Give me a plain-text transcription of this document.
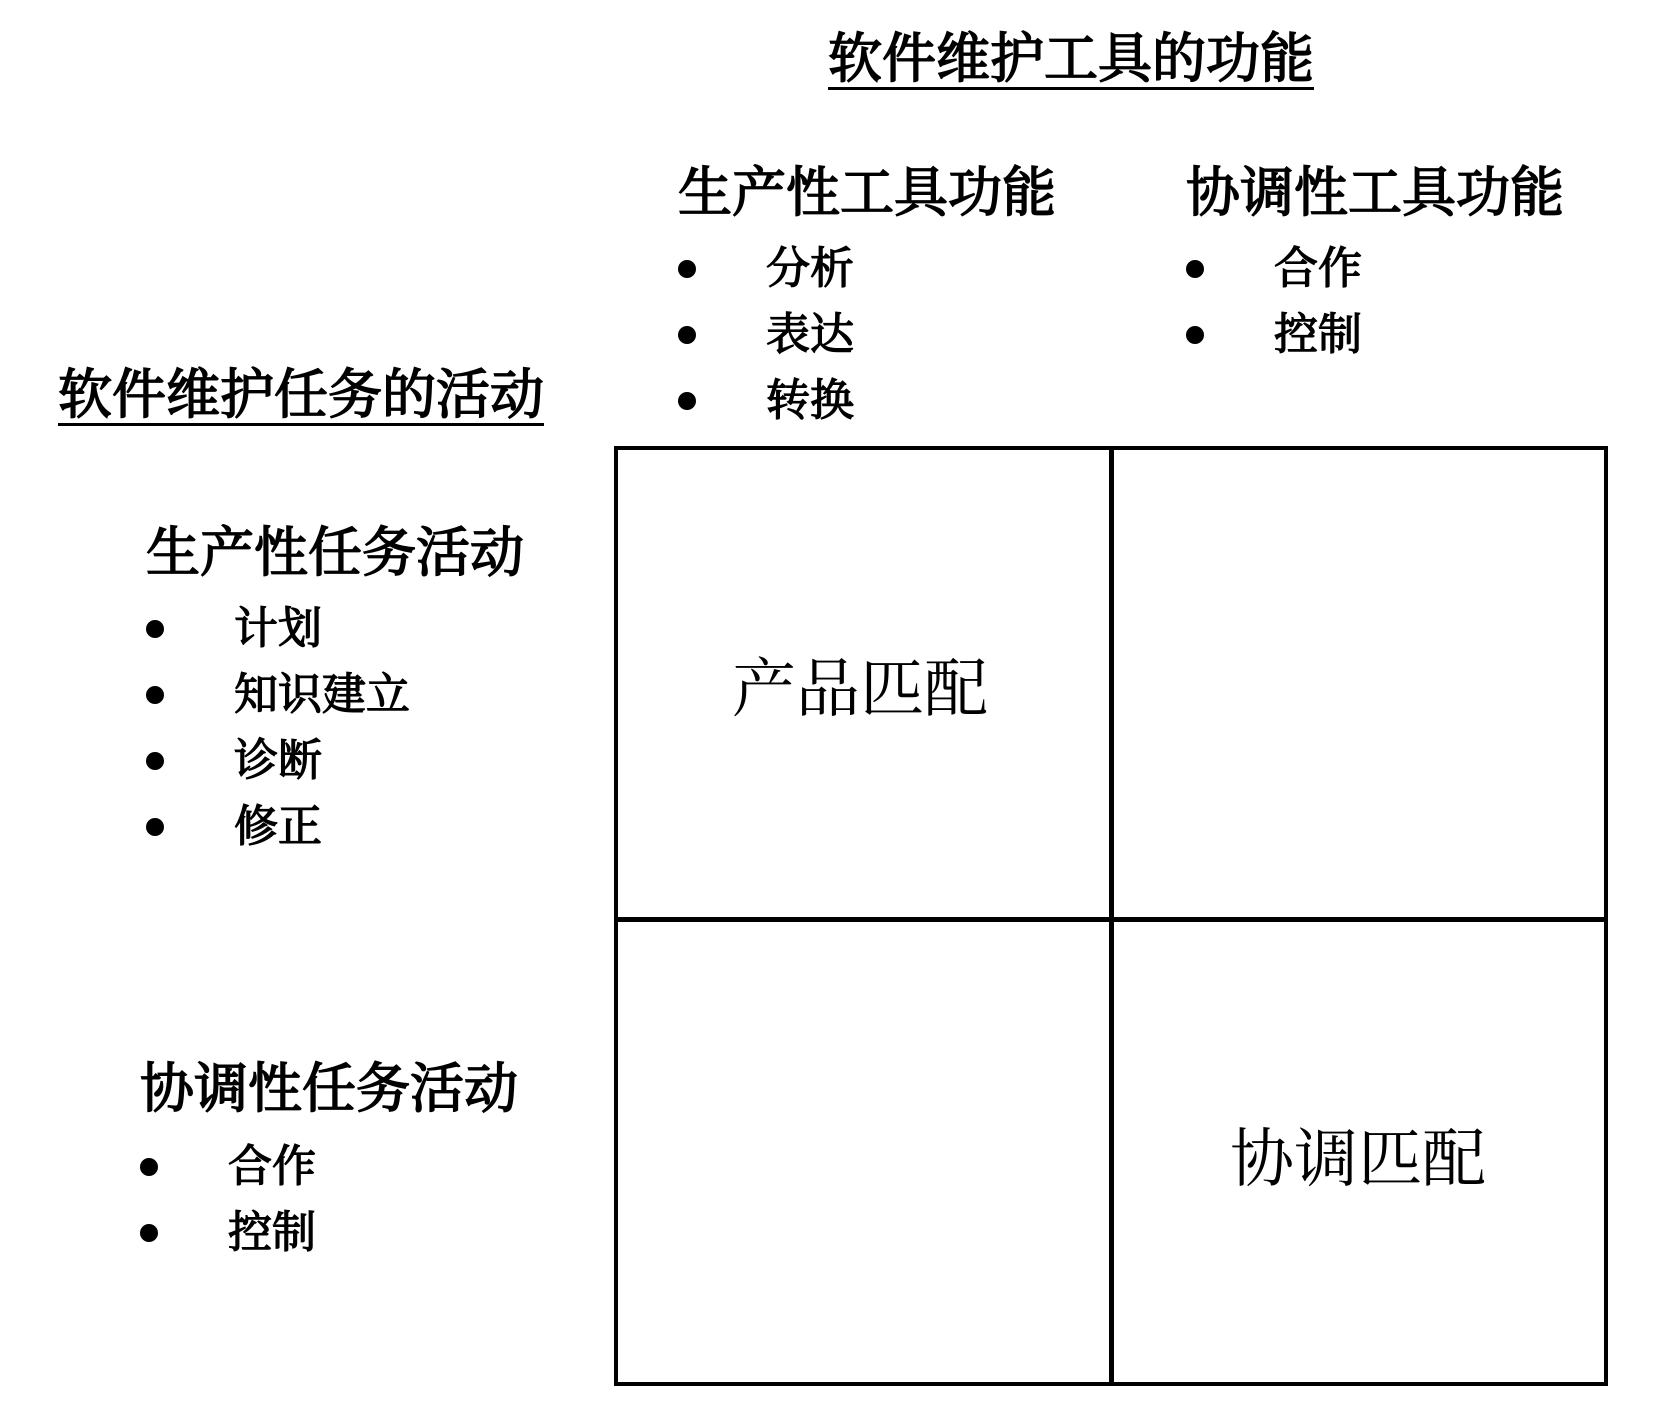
软件维护工具的功能
生产性工具功能
分析
表达
转换
协调性工具功能
合作
控制
软件维护任务的活动
生产性任务活动
计划
知识建立
诊断
修正
协调性任务活动
合作
控制
产品匹配
协调匹配
